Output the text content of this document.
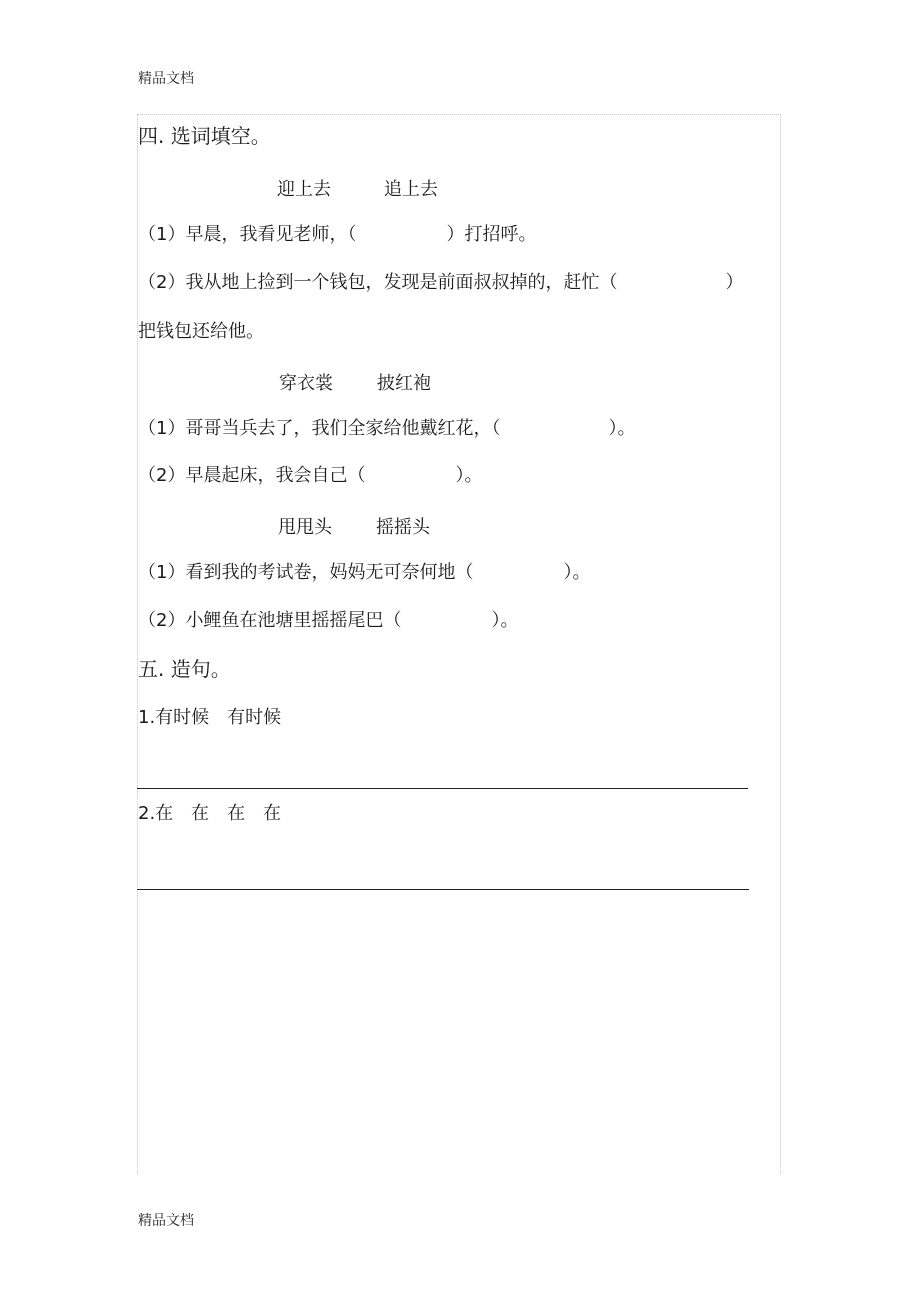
精品文档
四. 选词填空。
迎上去	追上去
（1）早晨，我看见老师，（　　　　　）打招呼。
（2）我从地上捡到一个钱包，发现是前面叔叔掉的，赶忙（　　　　　　）
把钱包还给他。
穿衣裳 披红袍
（1）哥哥当兵去了，我们全家给他戴红花，（　　　　　　）。
（2）早晨起床，我会自己（　　　　　）。
甩甩头 摇摇头
（1）看到我的考试卷，妈妈无可奈何地（　　　　　）。
（2）小鲤鱼在池塘里摇摇尾巴（　　　　　）。
五. 造句。
1.有时候　有时候
2.在　在　在　在
精品文档
